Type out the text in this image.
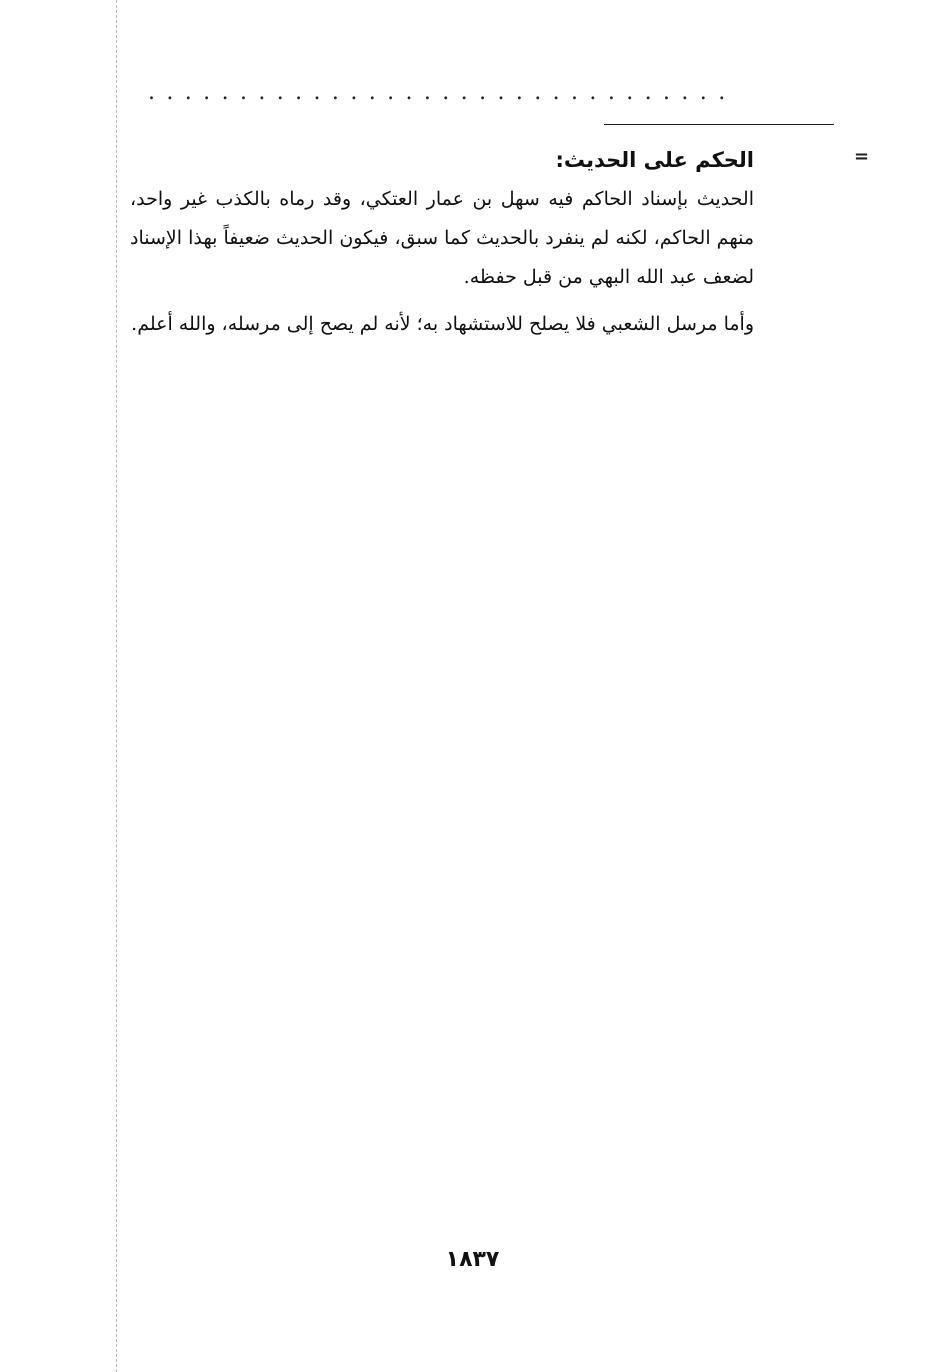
................................
=
الحكم على الحديث:

الحديث بإسناد الحاكم فيه سهل بن عمار العتكي، وقد رماه بالكذب غير واحد، منهم الحاكم، لكنه لم ينفرد بالحديث كما سبق، فيكون الحديث ضعيفاً بهذا الإسناد لضعف عبد الله البهي من قبل حفظه.

وأما مرسل الشعبي فلا يصلح للاستشهاد به؛ لأنه لم يصح إلى مرسله، والله أعلم.

١٨٣٧
